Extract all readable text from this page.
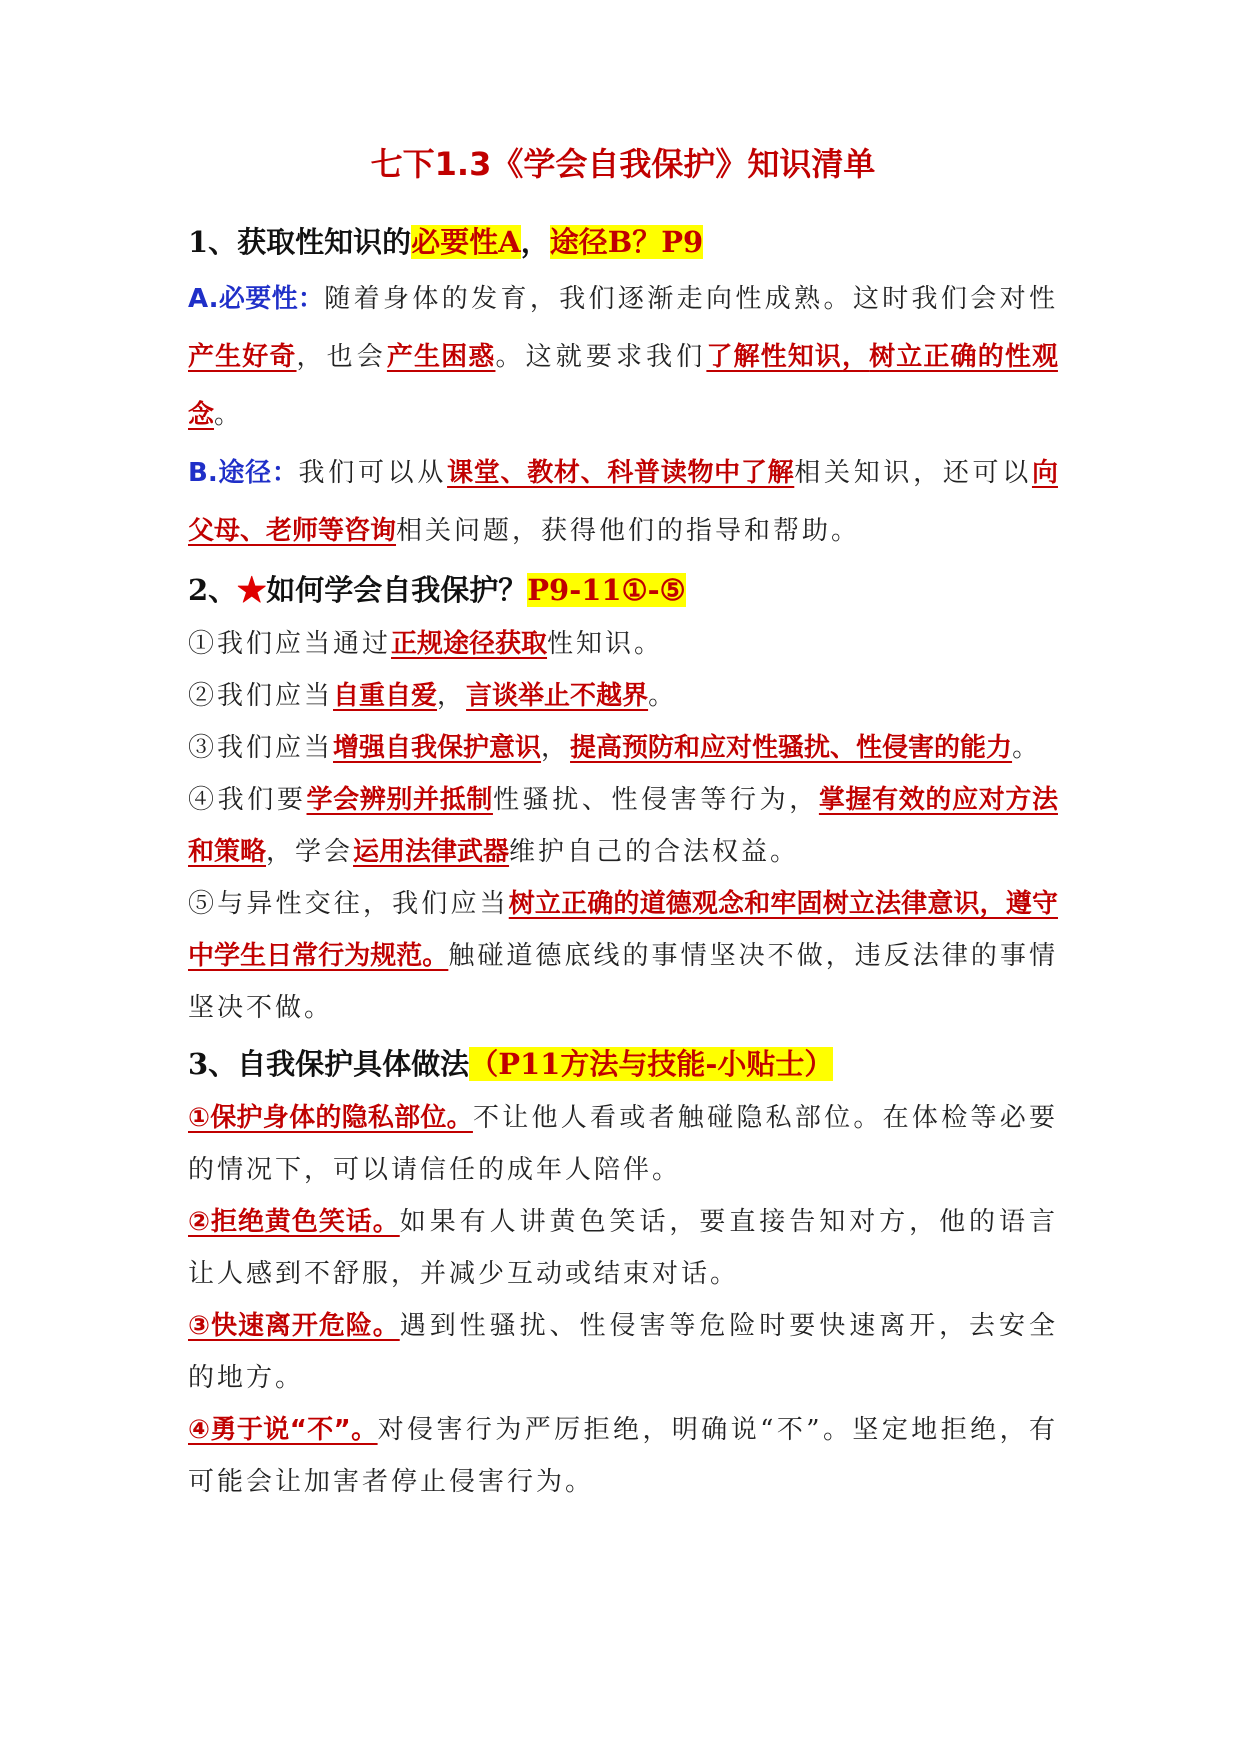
七下1.3《学会自我保护》知识清单
1、获取性知识的必要性A，途径B？P9

A.必要性：随着身体的发育，我们逐渐走向性成熟。这时我们会对性产生好奇，也会产生困惑。这就要求我们了解性知识，树立正确的性观念。

B.途径：我们可以从课堂、教材、科普读物中了解相关知识，还可以向父母、老师等咨询相关问题，获得他们的指导和帮助。

2、★如何学会自我保护？P9-11①-⑤

①我们应当通过正规途径获取性知识。

②我们应当自重自爱，言谈举止不越界。

③我们应当增强自我保护意识，提高预防和应对性骚扰、性侵害的能力。

④我们要学会辨别并抵制性骚扰、性侵害等行为，掌握有效的应对方法和策略，学会运用法律武器维护自己的合法权益。

⑤与异性交往，我们应当树立正确的道德观念和牢固树立法律意识，遵守中学生日常行为规范。触碰道德底线的事情坚决不做，违反法律的事情坚决不做。

3、自我保护具体做法（P11方法与技能-小贴士）

①保护身体的隐私部位。不让他人看或者触碰隐私部位。在体检等必要的情况下，可以请信任的成年人陪伴。

②拒绝黄色笑话。如果有人讲黄色笑话，要直接告知对方，他的语言让人感到不舒服，并减少互动或结束对话。

③快速离开危险。遇到性骚扰、性侵害等危险时要快速离开，去安全的地方。

④勇于说“不”。对侵害行为严厉拒绝，明确说“不”。坚定地拒绝，有可能会让加害者停止侵害行为。
